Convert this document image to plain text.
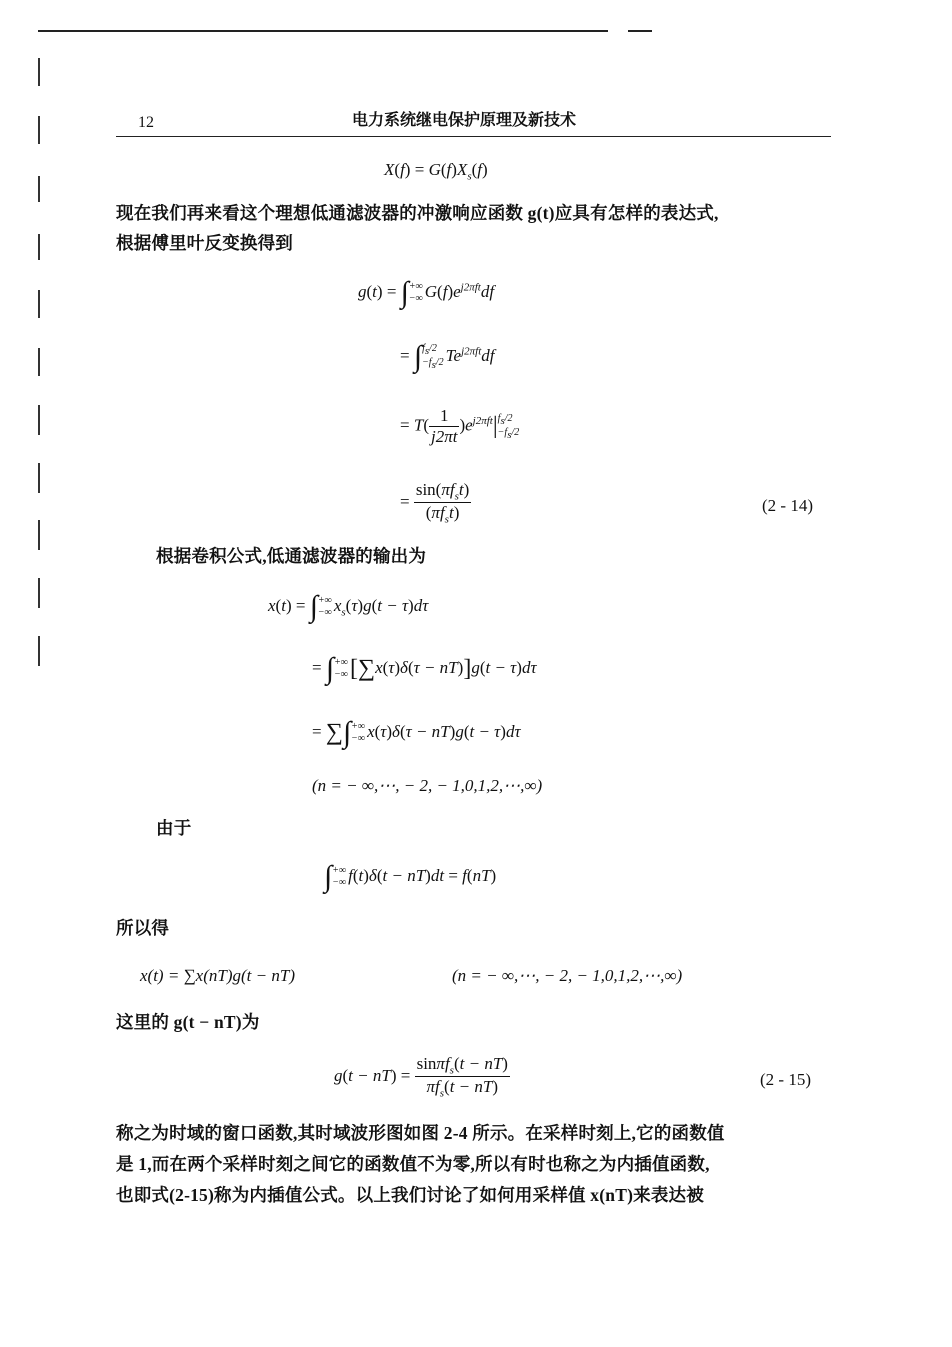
12	电力系统继电保护原理及新技术
$X(f) = G(f)X_s(f)$
现在我们再来看这个理想低通滤波器的冲激响应函数 g(t)应具有怎样的表达式,
根据傅里叶反变换得到
g(t) = ∫ +∞
−∞ $G(f)e^{j2\pi ft}df$
= ∫ $f_s/2$
$-f_s/2$ $Te^{j2\pi ft}df$
= $T( \frac{1}{j2\pi t} )e^{j2\pi ft}|$ $f_s/2$
$-f_s/2$
= $\frac{\sin(\pi f_st)}{(\pi f_st)}$	(2 - 14)
根据卷积公式,低通滤波器的输出为
x(t) = ∫ +∞
−∞ $x_s(\tau)g(t - \tau)d\tau$
= ∫ +∞
−∞ [∑x(τ)δ(τ − nT)]g(t − τ)dτ
= ∑∫ +∞
−∞ x(τ)δ(τ − nT)g(t − τ)dτ
(n = − ∞,⋯, − 2, − 1,0,1,2,⋯,∞)
由于
∫ +∞
−∞ f(t)δ(t − nT)dt = f(nT)
所以得
x(t) = ∑x(nT)g(t − nT)	(n = − ∞,⋯, − 2, − 1,0,1,2,⋯,∞)
这里的 g(t − nT)为
$g(t - nT) = \frac{\sin\pi f_s(t - nT)}{\pi f_s(t - nT)}$	(2 - 15)
称之为时域的窗口函数,其时域波形图如图 2-4 所示。在采样时刻上,它的函数值
是 1,而在两个采样时刻之间它的函数值不为零,所以有时也称之为内插值函数,
也即式(2-15)称为内插值公式。以上我们讨论了如何用采样值 x(nT)来表达被
